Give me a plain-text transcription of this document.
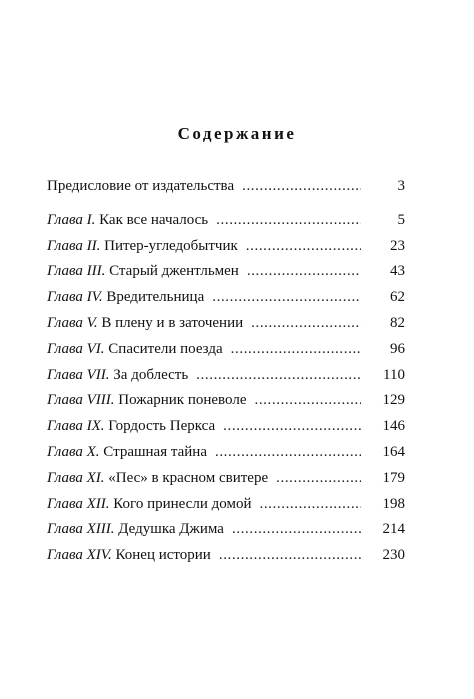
Содержание
Предисловие от издательства .....	3
Глава I. Как все началось .....	5
Глава II. Питер-угледобытчик .....	23
Глава III. Старый джентльмен .....	43
Глава IV. Вредительница .....	62
Глава V. В плену и в заточении .....	82
Глава VI. Спасители поезда .....	96
Глава VII. За доблесть .....	110
Глава VIII. Пожарник поневоле .....	129
Глава IX. Гордость Перкса .....	146
Глава X. Страшная тайна .....	164
Глава XI. «Пес» в красном свитере .....	179
Глава XII. Кого принесли домой .....	198
Глава XIII. Дедушка Джима .....	214
Глава XIV. Конец истории .....	230
